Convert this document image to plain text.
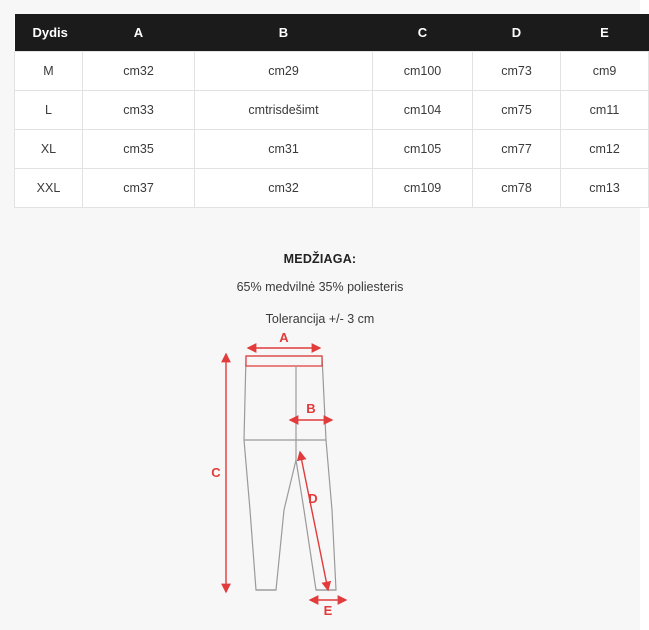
Dydis	A	B	C	D	E
M	cm32	cm29	cm100	cm73	cm9
L	cm33	cmtrisdešimt	cm104	cm75	cm11
XL	cm35	cm31	cm105	cm77	cm12
XXL	cm37	cm32	cm109	cm78	cm13
MEDŽIAGA:
65% medvilnė 35% poliesteris
Tolerancija +/- 3 cm
A
B
C
D
E
